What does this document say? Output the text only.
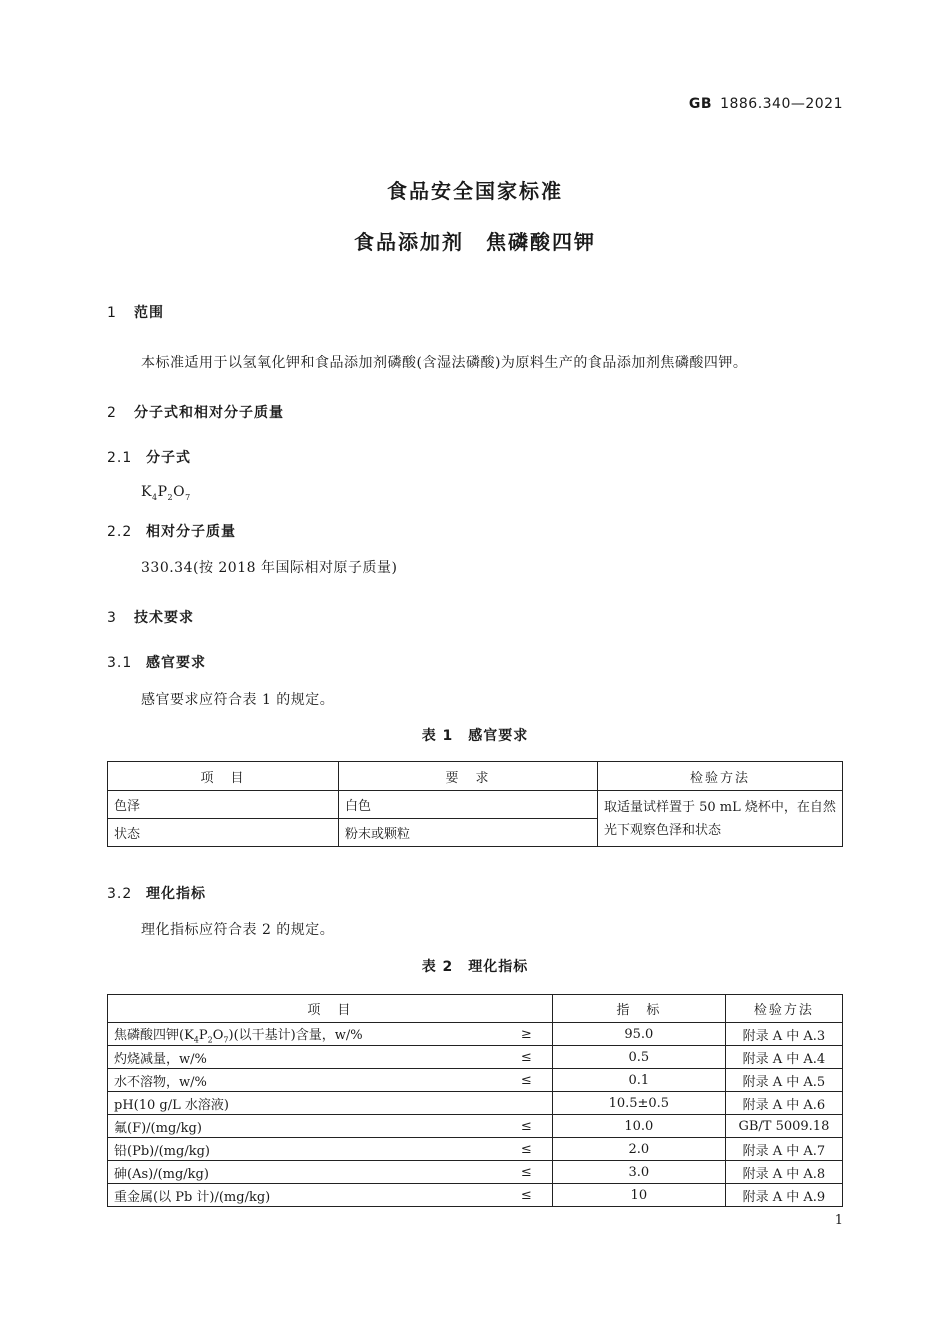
GB 1886.340—2021
食品安全国家标准
食品添加剂　焦磷酸四钾
1 范围
本标准适用于以氢氧化钾和食品添加剂磷酸(含湿法磷酸)为原料生产的食品添加剂焦磷酸四钾。
2 分子式和相对分子质量
2.1 分子式
$K_4P_2O_7$
2.2 相对分子质量
330.34(按 2018 年国际相对原子质量)
3 技术要求
3.1 感官要求
感官要求应符合表 1 的规定。
表 1　感官要求
项　目	要　求	检验方法
色泽	白色	取适量试样置于 50 mL 烧杯中，在自然光下观察色泽和状态
状态	粉末或颗粒	
3.2 理化指标
理化指标应符合表 2 的规定。
表 2　理化指标
项　目		指　标	检验方法
焦磷酸四钾$(K_4P_2O_7)$(以干基计)含量，w/%	≥	95.0	附录 A 中 A.3
灼烧减量，w/%	≤	0.5	附录 A 中 A.4
水不溶物，w/%	≤	0.1	附录 A 中 A.5
pH(10 g/L 水溶液)		10.5±0.5	附录 A 中 A.6
氟(F)/(mg/kg)	≤	10.0	GB/T 5009.18
铅(Pb)/(mg/kg)	≤	2.0	附录 A 中 A.7
砷(As)/(mg/kg)	≤	3.0	附录 A 中 A.8
重金属(以 Pb 计)/(mg/kg)	≤	10	附录 A 中 A.9
1
